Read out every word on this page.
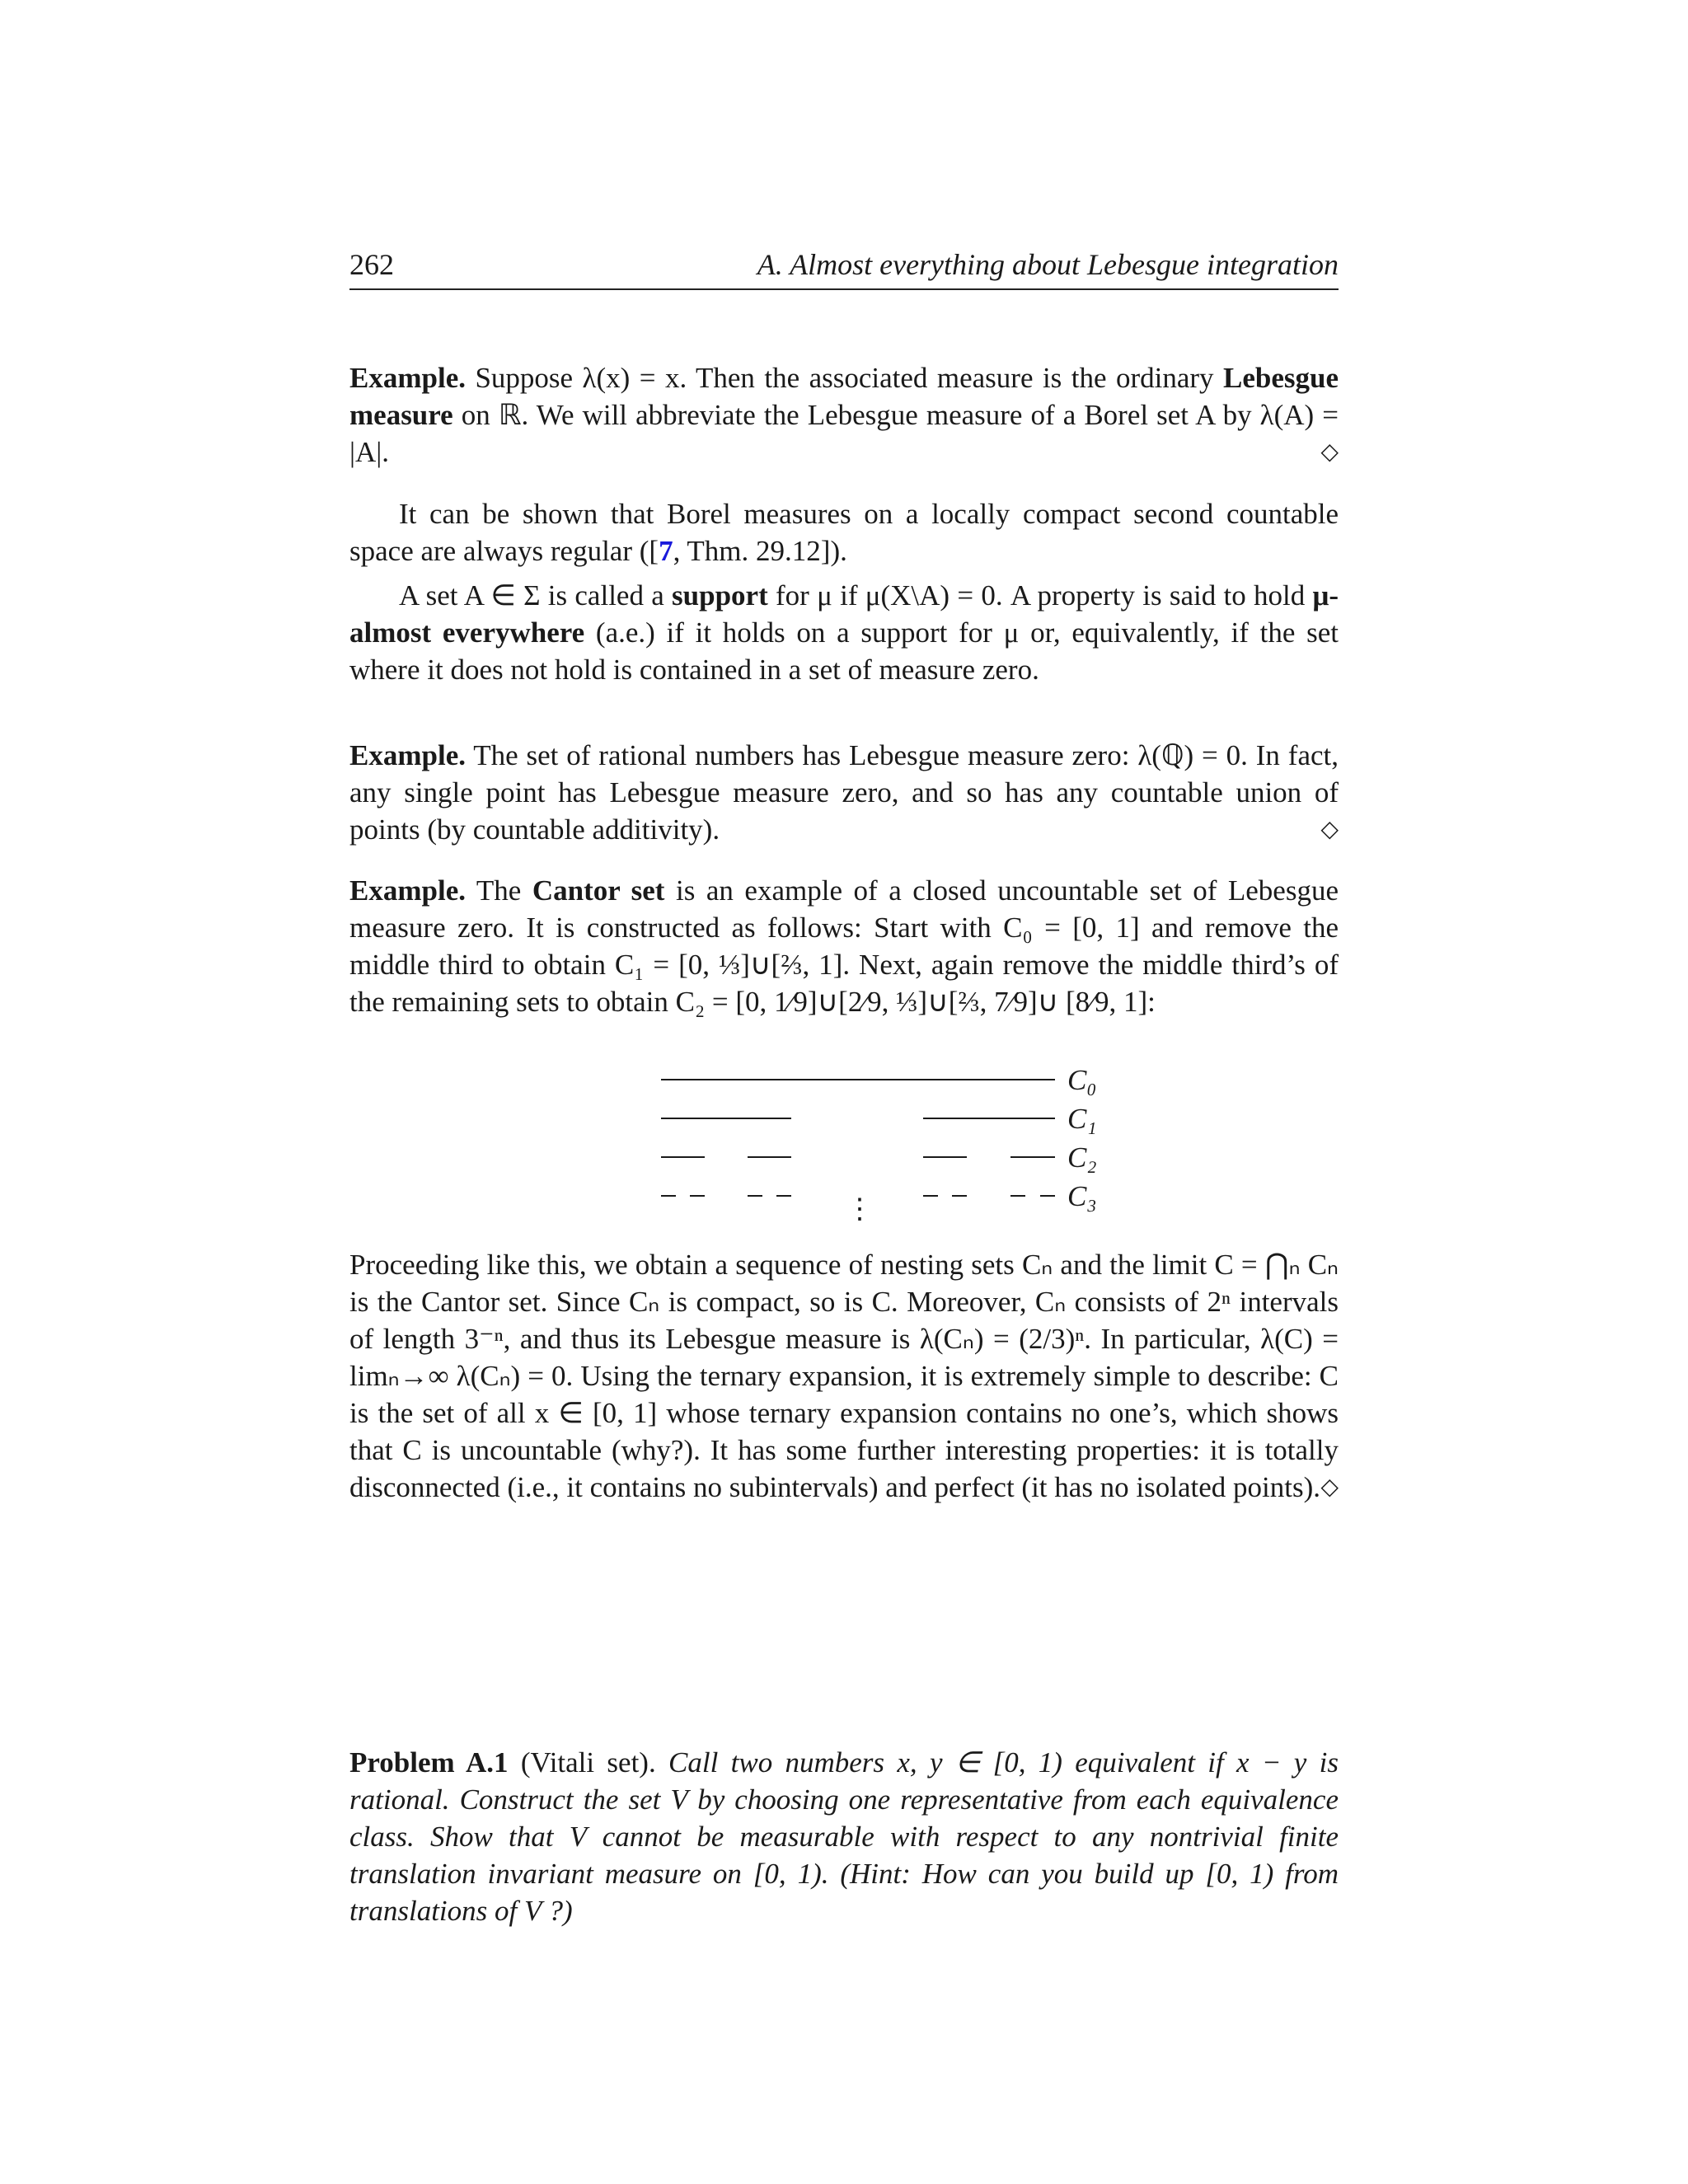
262	A. Almost everything about Lebesgue integration

Example. Suppose λ(x) = x. Then the associated measure is the ordinary Lebesgue measure on ℝ. We will abbreviate the Lebesgue measure of a Borel set A by λ(A) = |A|.	◇

It can be shown that Borel measures on a locally compact second countable space are always regular ([7, Thm. 29.12]).

A set A ∈ Σ is called a support for μ if μ(X\A) = 0. A property is said to hold μ-almost everywhere (a.e.) if it holds on a support for μ or, equivalently, if the set where it does not hold is contained in a set of measure zero.

Example. The set of rational numbers has Lebesgue measure zero: λ(ℚ) = 0. In fact, any single point has Lebesgue measure zero, and so has any countable union of points (by countable additivity).	◇

Example. The Cantor set is an example of a closed uncountable set of Lebesgue measure zero. It is constructed as follows: Start with C₀ = [0, 1] and remove the middle third to obtain C₁ = [0, ⅓]∪[⅔, 1]. Next, again remove the middle third’s of the remaining sets to obtain C₂ = [0, 1⁄9]∪[2⁄9, ⅓]∪[⅔, 7⁄9]∪ [8⁄9, 1]:

C₀
C₁
C₂
C₃
⋮

Proceeding like this, we obtain a sequence of nesting sets Cₙ and the limit C = ⋂ₙ Cₙ is the Cantor set. Since Cₙ is compact, so is C. Moreover, Cₙ consists of 2ⁿ intervals of length 3⁻ⁿ, and thus its Lebesgue measure is λ(Cₙ) = (2/3)ⁿ. In particular, λ(C) = limₙ→∞ λ(Cₙ) = 0. Using the ternary expansion, it is extremely simple to describe: C is the set of all x ∈ [0, 1] whose ternary expansion contains no one’s, which shows that C is uncountable (why?). It has some further interesting properties: it is totally disconnected (i.e., it contains no subintervals) and perfect (it has no isolated points). ◇

Problem A.1 (Vitali set). Call two numbers x, y ∈ [0, 1) equivalent if x − y is rational. Construct the set V by choosing one representative from each equivalence class. Show that V cannot be measurable with respect to any nontrivial finite translation invariant measure on [0, 1). (Hint: How can you build up [0, 1) from translations of V ?)
